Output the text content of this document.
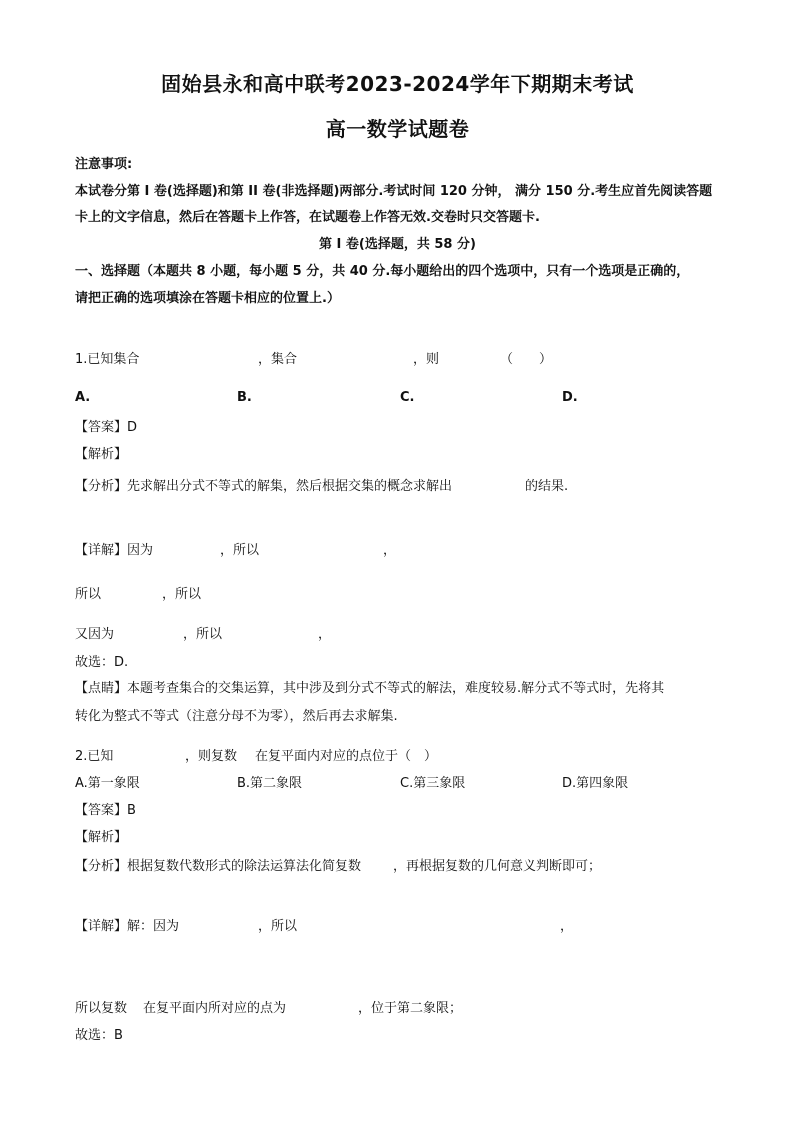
固始县永和高中联考2023-2024学年下期期末考试
高一数学试题卷
注意事项:
本试卷分第 I 卷(选择题)和第 II 卷(非选择题)两部分.考试时间 120 分钟， 满分 150 分.考生应首先阅读答题
卡上的文字信息，然后在答题卡上作答，在试题卷上作答无效.交卷时只交答题卡.
第 I 卷(选择题，共 58 分)
一、选择题（本题共 8 小题，每小题 5 分，共 40 分.每小题给出的四个选项中，只有一个选项是正确的，
请把正确的选项填涂在答题卡相应的位置上.）
1.已知集合	，集合	，则	（　　）
A.	B.	C.	D.
【答案】D
【解析】
【分析】先求解出分式不等式的解集，然后根据交集的概念求解出	的结果.
【详解】因为	，所以	，
所以	，所以
又因为	，所以	，
故选：D.
【点睛】本题考查集合的交集运算，其中涉及到分式不等式的解法，难度较易.解分式不等式时，先将其
转化为整式不等式（注意分母不为零），然后再去求解集.
2.已知	，则复数 在复平面内对应的点位于（　）
A.第一象限	B.第二象限	C.第三象限	D.第四象限
【答案】B
【解析】
【分析】根据复数代数形式的除法运算法化简复数 ，再根据复数的几何意义判断即可；
【详解】解：因为	，所以	，
所以复数 在复平面内所对应的点为	，位于第二象限；
故选：B
